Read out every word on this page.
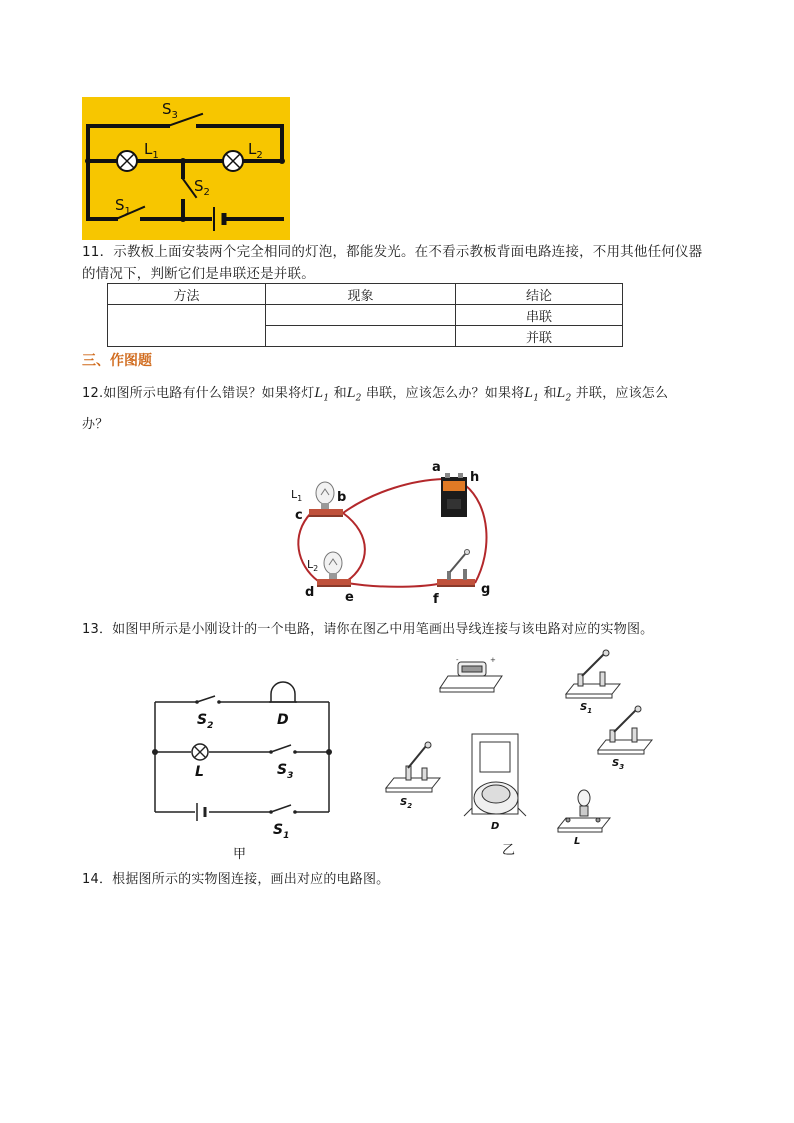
$S_3$
$L_1$	$L_2$
$S_2$
$S_1$
11．示教板上面安装两个完全相同的灯泡，都能发光。在不看示教板背面电路连接，不用其他任何仪器
的情况下，判断它们是串联还是并联。
方法	现象	结论
		串联
		并联
三、作图题
12.如图所示电路有什么错误？如果将灯$L_1$ 和$L_2$ 串联，应该怎么办？如果将$L_1$ 和$L_2$ 并联，应该怎么
办？
a
h
b
c
d e	f
g
$L_1$
$L_2$
13．如图甲所示是小刚设计的一个电路，请你在图乙中用笔画出导线连接与该电路对应的实物图。
$S_2$	D
L	$S_3$
$S_1$
甲
-	+
$S_1$
$S_3$
$S_2$
D
L
乙
14．根据图所示的实物图连接，画出对应的电路图。
